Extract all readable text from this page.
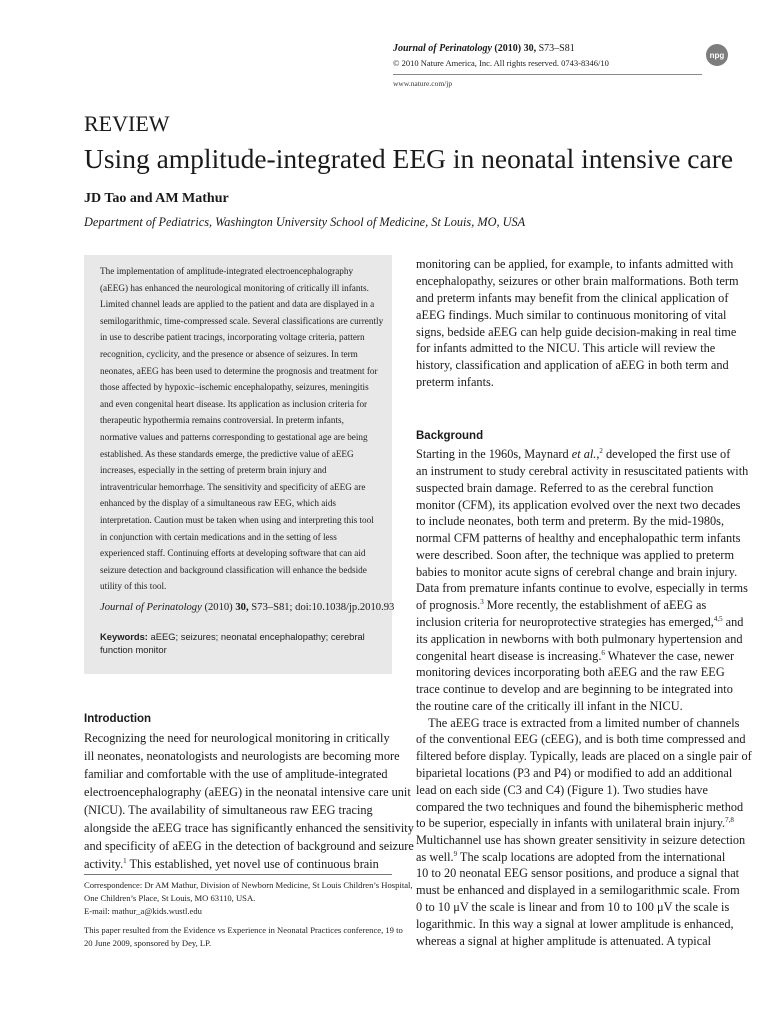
Journal of Perinatology (2010) 30, S73–S81
© 2010 Nature America, Inc. All rights reserved. 0743-8346/10
www.nature.com/jp
npg
REVIEW
Using amplitude-integrated EEG in neonatal intensive care
JD Tao and AM Mathur
Department of Pediatrics, Washington University School of Medicine, St Louis, MO, USA
The implementation of amplitude-integrated electroencephalography
(aEEG) has enhanced the neurological monitoring of critically ill infants.
Limited channel leads are applied to the patient and data are displayed in a
semilogarithmic, time-compressed scale. Several classifications are currently
in use to describe patient tracings, incorporating voltage criteria, pattern
recognition, cyclicity, and the presence or absence of seizures. In term
neonates, aEEG has been used to determine the prognosis and treatment for
those affected by hypoxic–ischemic encephalopathy, seizures, meningitis
and even congenital heart disease. Its application as inclusion criteria for
therapeutic hypothermia remains controversial. In preterm infants,
normative values and patterns corresponding to gestational age are being
established. As these standards emerge, the predictive value of aEEG
increases, especially in the setting of preterm brain injury and
intraventricular hemorrhage. The sensitivity and specificity of aEEG are
enhanced by the display of a simultaneous raw EEG, which aids
interpretation. Caution must be taken when using and interpreting this tool
in conjunction with certain medications and in the setting of less
experienced staff. Continuing efforts at developing software that can aid
seizure detection and background classification will enhance the bedside
utility of this tool.
Journal of Perinatology (2010) 30, S73–S81; doi:10.1038/jp.2010.93
Keywords: aEEG; seizures; neonatal encephalopathy; cerebral function monitor
Introduction
Recognizing the need for neurological monitoring in critically
ill neonates, neonatologists and neurologists are becoming more
familiar and comfortable with the use of amplitude-integrated
electroencephalography (aEEG) in the neonatal intensive care unit
(NICU). The availability of simultaneous raw EEG tracing
alongside the aEEG trace has significantly enhanced the sensitivity
and specificity of aEEG in the detection of background and seizure
activity.$^1$ This established, yet novel use of continuous brain
Correspondence: Dr AM Mathur, Division of Newborn Medicine, St Louis Children’s Hospital,
One Children’s Place, St Louis, MO 63110, USA.
E-mail: mathur_a@kids.wustl.edu
This paper resulted from the Evidence vs Experience in Neonatal Practices conference, 19 to
20 June 2009, sponsored by Dey, LP.
monitoring can be applied, for example, to infants admitted with
encephalopathy, seizures or other brain malformations. Both term
and preterm infants may benefit from the clinical application of
aEEG findings. Much similar to continuous monitoring of vital
signs, bedside aEEG can help guide decision-making in real time
for infants admitted to the NICU. This article will review the
history, classification and application of aEEG in both term and
preterm infants.
Background
Starting in the 1960s, Maynard et al.,$^2$ developed the first use of
an instrument to study cerebral activity in resuscitated patients with
suspected brain damage. Referred to as the cerebral function
monitor (CFM), its application evolved over the next two decades
to include neonates, both term and preterm. By the mid-1980s,
normal CFM patterns of healthy and encephalopathic term infants
were described. Soon after, the technique was applied to preterm
babies to monitor acute signs of cerebral change and brain injury.
Data from premature infants continue to evolve, especially in terms
of prognosis.$^3$ More recently, the establishment of aEEG as
inclusion criteria for neuroprotective strategies has emerged,$^{4,5}$ and
its application in newborns with both pulmonary hypertension and
congenital heart disease is increasing.$^6$ Whatever the case, newer
monitoring devices incorporating both aEEG and the raw EEG
trace continue to develop and are beginning to be integrated into
the routine care of the critically ill infant in the NICU.
The aEEG trace is extracted from a limited number of channels
of the conventional EEG (cEEG), and is both time compressed and
filtered before display. Typically, leads are placed on a single pair of
biparietal locations (P3 and P4) or modified to add an additional
lead on each side (C3 and C4) (Figure 1). Two studies have
compared the two techniques and found the bihemispheric method
to be superior, especially in infants with unilateral brain injury.$^{7,8}$
Multichannel use has shown greater sensitivity in seizure detection
as well.$^9$ The scalp locations are adopted from the international
10 to 20 neonatal EEG sensor positions, and produce a signal that
must be enhanced and displayed in a semilogarithmic scale. From
0 to 10 μV the scale is linear and from 10 to 100 μV the scale is
logarithmic. In this way a signal at lower amplitude is enhanced,
whereas a signal at higher amplitude is attenuated. A typical
